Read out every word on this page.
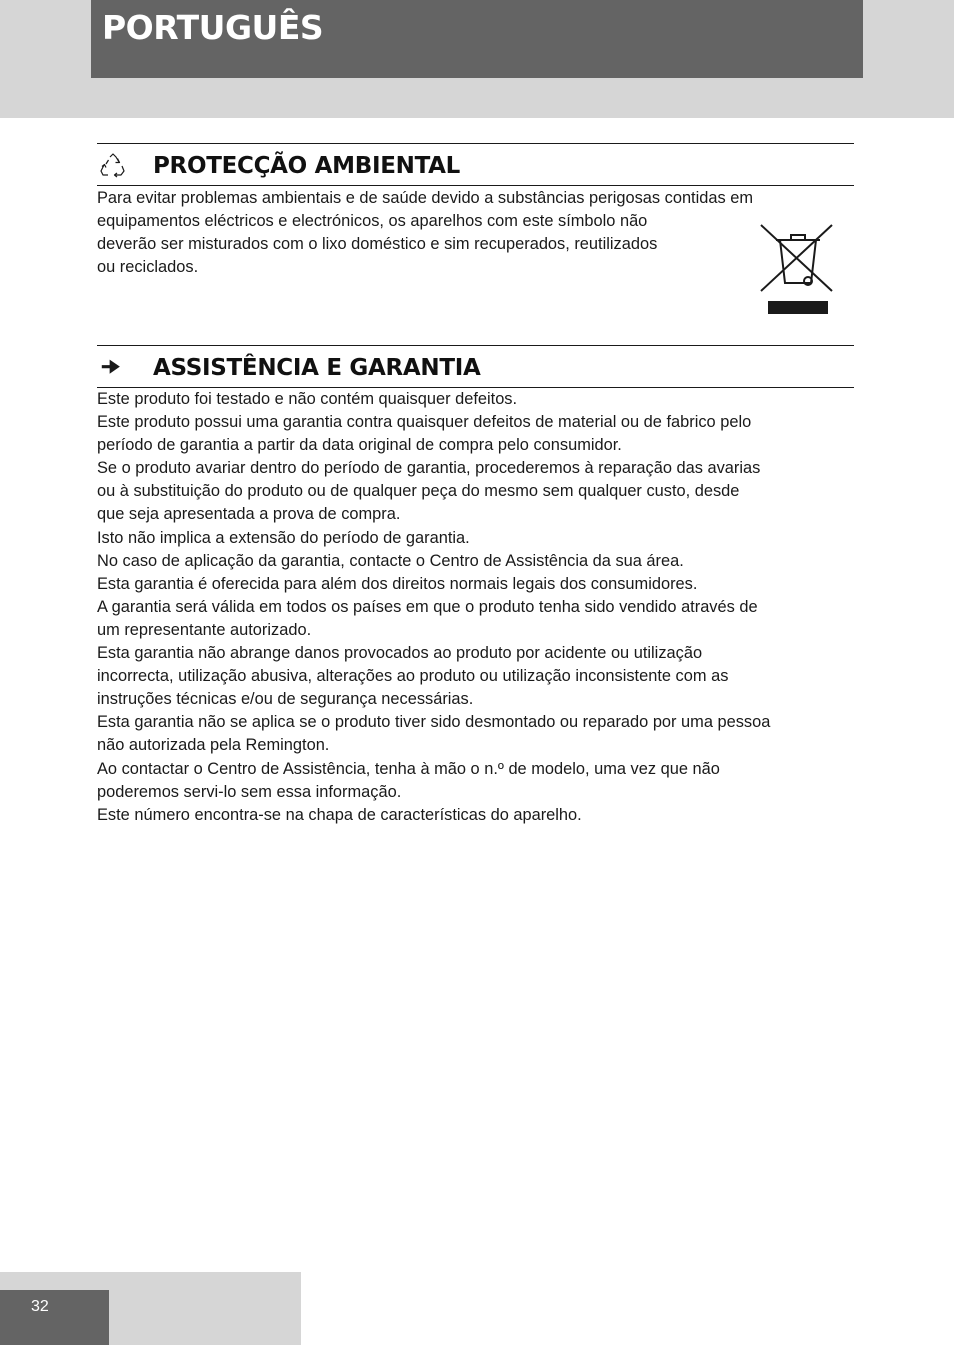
PORTUGUÊS
PROTECÇÃO AMBIENTAL

Para evitar problemas ambientais e de saúde devido a substâncias perigosas contidas em

equipamentos eléctricos e electrónicos, os aparelhos com este símbolo não

deverão ser misturados com o lixo doméstico e sim recuperados, reutilizados

ou reciclados.

ASSISTÊNCIA E GARANTIA

Este produto foi testado e não contém quaisquer defeitos.

Este produto possui uma garantia contra quaisquer defeitos de material ou de fabrico pelo

período de garantia a partir da data original de compra pelo consumidor.

Se o produto avariar dentro do período de garantia, procederemos à reparação das avarias

ou à substituição do produto ou de qualquer peça do mesmo sem qualquer custo, desde

que seja apresentada a prova de compra.

Isto não implica a extensão do período de garantia.

No caso de aplicação da garantia, contacte o Centro de Assistência da sua área.

Esta garantia é oferecida para além dos direitos normais legais dos consumidores.

A garantia será válida em todos os países em que o produto tenha sido vendido através de

um representante autorizado.

Esta garantia não abrange danos provocados ao produto por acidente ou utilização

incorrecta, utilização abusiva, alterações ao produto ou utilização inconsistente com as

instruções técnicas e/ou de segurança necessárias.

Esta garantia não se aplica se o produto tiver sido desmontado ou reparado por uma pessoa

não autorizada pela Remington.

Ao contactar o Centro de Assistência, tenha à mão o n.º de modelo, uma vez que não

poderemos servi-lo sem essa informação.

Este número encontra-se na chapa de características do aparelho.

32
